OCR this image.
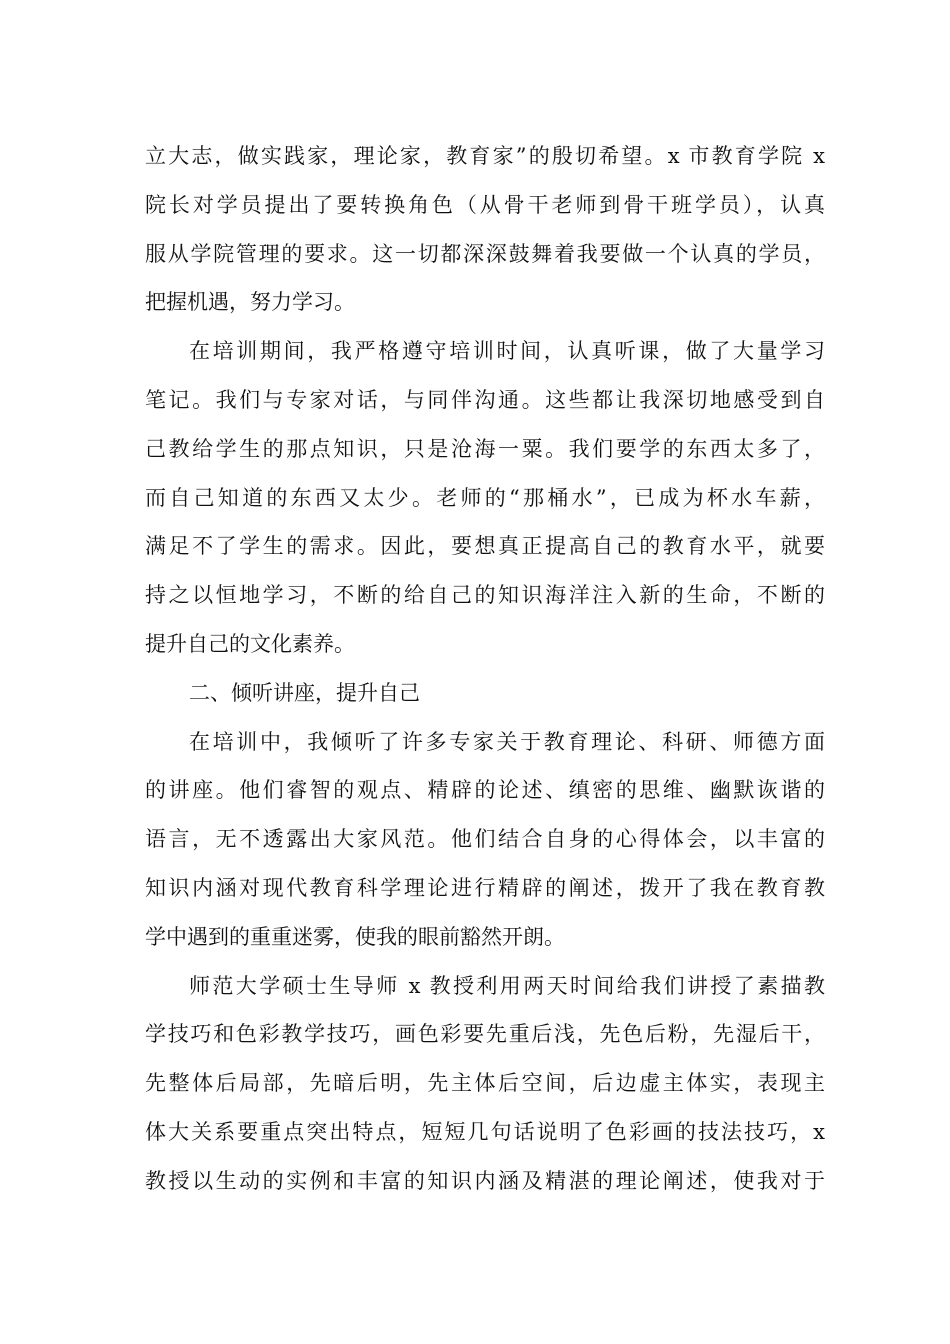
立大志，做实践家，理论家，教育家”的殷切希望。x 市教育学院 x
院长对学员提出了要转换角色（从骨干老师到骨干班学员），认真
服从学院管理的要求。这一切都深深鼓舞着我要做一个认真的学员，
把握机遇，努力学习。
在培训期间，我严格遵守培训时间，认真听课，做了大量学习
笔记。我们与专家对话，与同伴沟通。这些都让我深切地感受到自
己教给学生的那点知识，只是沧海一粟。我们要学的东西太多了，
而自己知道的东西又太少。老师的“那桶水”，已成为杯水车薪，
满足不了学生的需求。因此，要想真正提高自己的教育水平，就要
持之以恒地学习，不断的给自己的知识海洋注入新的生命，不断的
提升自己的文化素养。
二、倾听讲座，提升自己
在培训中，我倾听了许多专家关于教育理论、科研、师德方面
的讲座。他们睿智的观点、精辟的论述、缜密的思维、幽默诙谐的
语言，无不透露出大家风范。他们结合自身的心得体会，以丰富的
知识内涵对现代教育科学理论进行精辟的阐述，拨开了我在教育教
学中遇到的重重迷雾，使我的眼前豁然开朗。
师范大学硕士生导师 x 教授利用两天时间给我们讲授了素描教
学技巧和色彩教学技巧，画色彩要先重后浅，先色后粉，先湿后干，
先整体后局部，先暗后明，先主体后空间，后边虚主体实，表现主
体大关系要重点突出特点，短短几句话说明了色彩画的技法技巧，x
教授以生动的实例和丰富的知识内涵及精湛的理论阐述，使我对于
